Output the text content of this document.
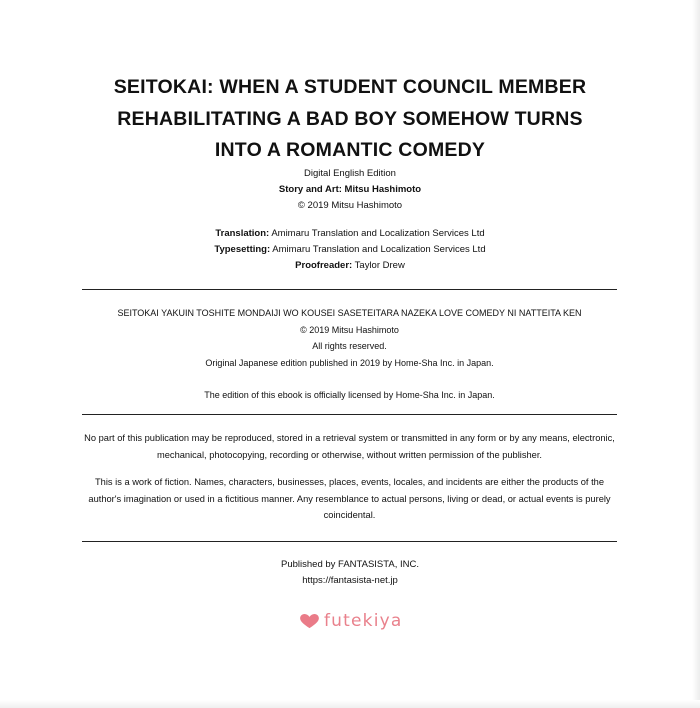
SEITOKAI: WHEN A STUDENT COUNCIL MEMBER
REHABILITATING A BAD BOY SOMEHOW TURNS
INTO A ROMANTIC COMEDY

Digital English Edition

Story and Art: Mitsu Hashimoto

© 2019 Mitsu Hashimoto

Translation: Amimaru Translation and Localization Services Ltd

Typesetting: Amimaru Translation and Localization Services Ltd

Proofreader: Taylor Drew

SEITOKAI YAKUIN TOSHITE MONDAIJI WO KOUSEI SASETEITARA NAZEKA LOVE COMEDY NI NATTEITA KEN

© 2019 Mitsu Hashimoto

All rights reserved.

Original Japanese edition published in 2019 by Home-Sha Inc. in Japan.

The edition of this ebook is officially licensed by Home-Sha Inc. in Japan.

No part of this publication may be reproduced, stored in a retrieval system or transmitted in any form or by any means, electronic, mechanical, photocopying, recording or otherwise, without written permission of the publisher.

This is a work of fiction. Names, characters, businesses, places, events, locales, and incidents are either the products of the author's imagination or used in a fictitious manner. Any resemblance to actual persons, living or dead, or actual events is purely coincidental.

Published by FANTASISTA, INC.

https://fantasista-net.jp

futekiya
